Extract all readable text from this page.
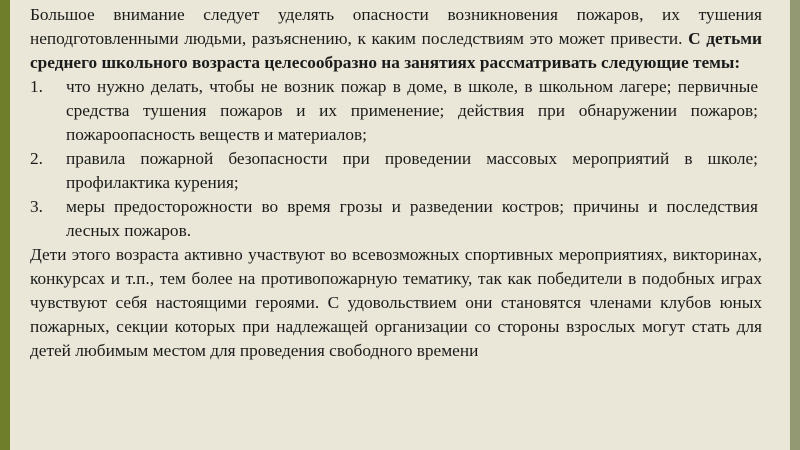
Большое внимание следует уделять опасности возникновения пожаров, их тушения неподготовленными людьми, разъяснению, к каким последствиям это может привести. С детьми среднего школьного возраста целесообразно на занятиях рассматривать следующие темы:

1. что нужно делать, чтобы не возник пожар в доме, в школе, в школьном лагере; первичные средства тушения пожаров и их применение; действия при обнаружении пожаров; пожароопасность веществ и материалов;
2. правила пожарной безопасности при проведении массовых мероприятий в школе; профилактика курения;
3. меры предосторожности во время грозы и разведении костров; причины и последствия лесных пожаров.

Дети этого возраста активно участвуют во всевозможных спортивных мероприятиях, викторинах, конкурсах и т.п., тем более на противопожарную тематику, так как победители в подобных играх чувствуют себя настоящими героями. С удовольствием они становятся членами клубов юных пожарных, секции которых при надлежащей организации со стороны взрослых могут стать для детей любимым местом для проведения свободного времени
